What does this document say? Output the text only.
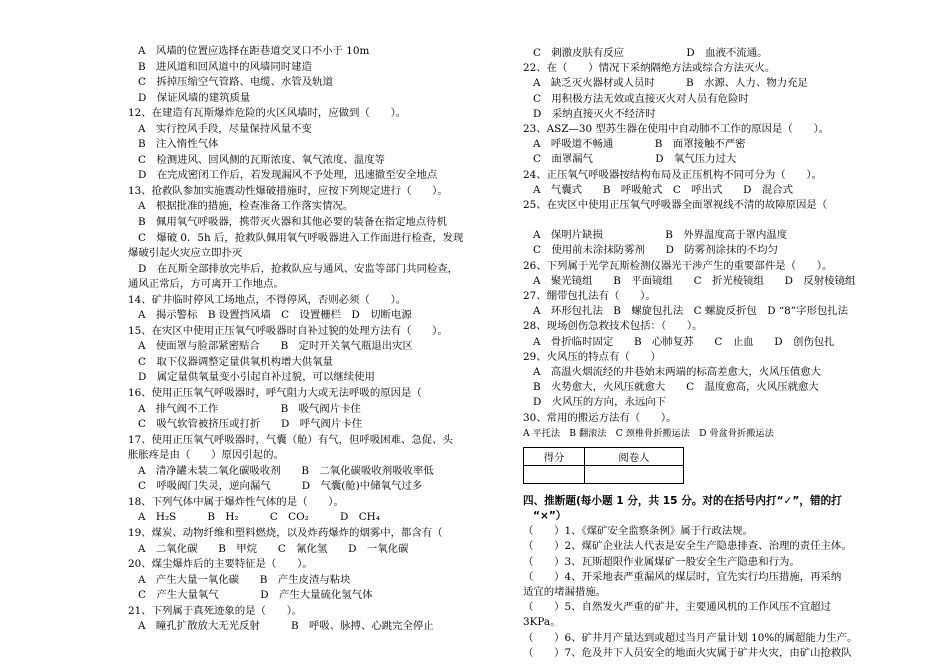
A　风墙的位置应选择在距巷道交叉口不小于 10m
B　进风道和回风道中的风墙同时建造
C　拆掉压缩空气管路、电缆、水管及轨道
D　保证风墙的建筑质量
12、在建造有瓦斯爆炸危险的火区风墙时，应做到（　　）。
A　实行控风手段，尽量保持风量不变
B　注入惰性气体
C　检测进风、回风侧的瓦斯浓度、氧气浓度、温度等
D　在完成密闭工作后，若发现漏风不予处理，迅速撤至安全地点
13、抢救队参加实施震动性爆破措施时，应按下列规定进行（　　）。
A　根据批准的措施，检查准备工作落实情况。
B　佩用氧气呼吸器，携带灭火器和其他必要的装备在指定地点待机
C　爆破 0．5h 后，抢救队佩用氧气呼吸器进入工作面进行检查，发现
爆破引起火灾应立即扑灭
D　在瓦斯全部排放完毕后，抢救队应与通风、安监等部门共同检查，
通风正常后，方可离开工作地点。
14、矿井临时停风工场地点，不得停风，否则必须（　　）。
A　揭示警标　B 设置挡风墙　C　设置栅栏　D　切断电源
15、在灾区中使用正压氧气呼吸器时自补过貌的处理方法有（　　）。
A　使面罩与脸部紧密贴合　　B　定时开关氧气瓶退出灾区
C　取下仪器调整定量供氧机构增大供氧量
D　属定量供氧量变小引起自补过貌，可以继续使用
16、使用正压氧气呼吸器时，呼气阻力大或无法呼吸的原因是（
A　排气阀不工作　　　　　　B　吸气阀片卡住
C　吸气软管被挤压或打折　　D　呼气阀片卡住
17、使用正压氧气呼吸器时，气囊（舱）有气，但呼吸困难、急促、头
胀胀疼是由（　　）原因引起的。
A　清净罐未装二氧化碳吸收剂　　B　二氧化碳吸收剂吸收率低
C　呼吸阀门失灵，逆向漏气　　　D　气囊(舱)中储氧气过多
18、下列气体中属于爆炸性气体的是（　　）。
A　H₂S　　　B　H₂　　　C　CO₂　　　D　CH₄
19、煤炭、动物纤维和塑料燃烧，以及炸药爆炸的烟雾中，都含有（
A　二氧化碳　　B　甲烷　　C　氰化氢　　D　一氧化碳
20、煤尘爆炸后的主要特征是（　　）。
A　产生大量一氧化碳　　B　产生皮渣与粘块
C　产生大量氧气　　　　D　产生大量硫化氢气体
21、下列属于真死迹象的是（　　）。
A　瞳孔扩散放大无光反射　　　B　呼吸、脉搏、心跳完全停止
C　刺激皮肤有反应　　　　　　D　血液不流通。
22、在（　　）情况下采纳隔绝方法或综合方法灭火。
A　缺乏灭火器材或人员时　　　B　水源、人力、物力充足
C　用积极方法无效或直接灭火对人员有危险时
D　采纳直接灭火不经济时
23、ASZ—30 型苏生器在使用中自动肺不工作的原因是（　　）。
A　呼吸道不畅通　　　　B　面罩接触不严密
C　面罩漏气　　　　　　D　氧气压力过大
24、正压氧气呼吸器按结构布局及正压机构不同可分为（　　）。
A　气囊式　　B　呼吸舱式　C　呼出式　　D　混合式
25、在灾区中使用正压氧气呼吸器全面罩视线不清的故障原因是（
A　保明片缺损　　　　　　B　外界温度高于罩内温度
C　使用前未涂抹防雾剂　　D　防雾剂涂抹的不均匀
26、下列属于光学瓦斯检测仪器光干涉产生的重要部件是（　　）。
A　聚光镜组　　B　平面镜组　　C　折光棱镜组　　D　反射棱镜组
27、绷带包扎法有（　　）。
A　环形包扎法　B　螺旋包扎法　C 螺旋反折包　D “8”字形包扎法
28、现场创伤急救技术包括：（　　）。
A　骨折临时固定　　B　心肺复苏　　C　止血　　D　创伤包扎
29、火风压的特点有（　　）
A　高温火烟流经的井巷始末两端的标高差愈大，火风压值愈大
B　火势愈大，火风压就愈大　　C　温度愈高，火风压就愈大
D　火风压的方向，永远向下
30、常用的搬运方法有（　　）。
A 平托法　B 翻滚法　C 颈椎骨折搬运法　D 骨盆骨折搬运法
得分	阅卷人

四、推断题(每小题 1 分，共 15 分。对的在括号内打“✓”，错的打
“×”）
（　　）1、《煤矿安全监察条例》属于行政法规。
（　　）2、煤矿企业法人代表是安全生产隐患排查、治理的责任主体。
（　　）3、瓦斯超限作业属煤矿一般安全生产隐患和行为。
（　　）4、开采地表严重漏风的煤层时，宜先实行均压措施，再采纳
适宜的堵漏措施。
（　　）5、自然发火严重的矿井，主要通风机的工作风压不宜超过
3KPa。
（　　）6、矿井月产量达到或超过当月产量计划 10%的属超能力生产。
（　　）7、危及井下人员安全的地面火灾属于矿井火灾，由矿山抢救队
